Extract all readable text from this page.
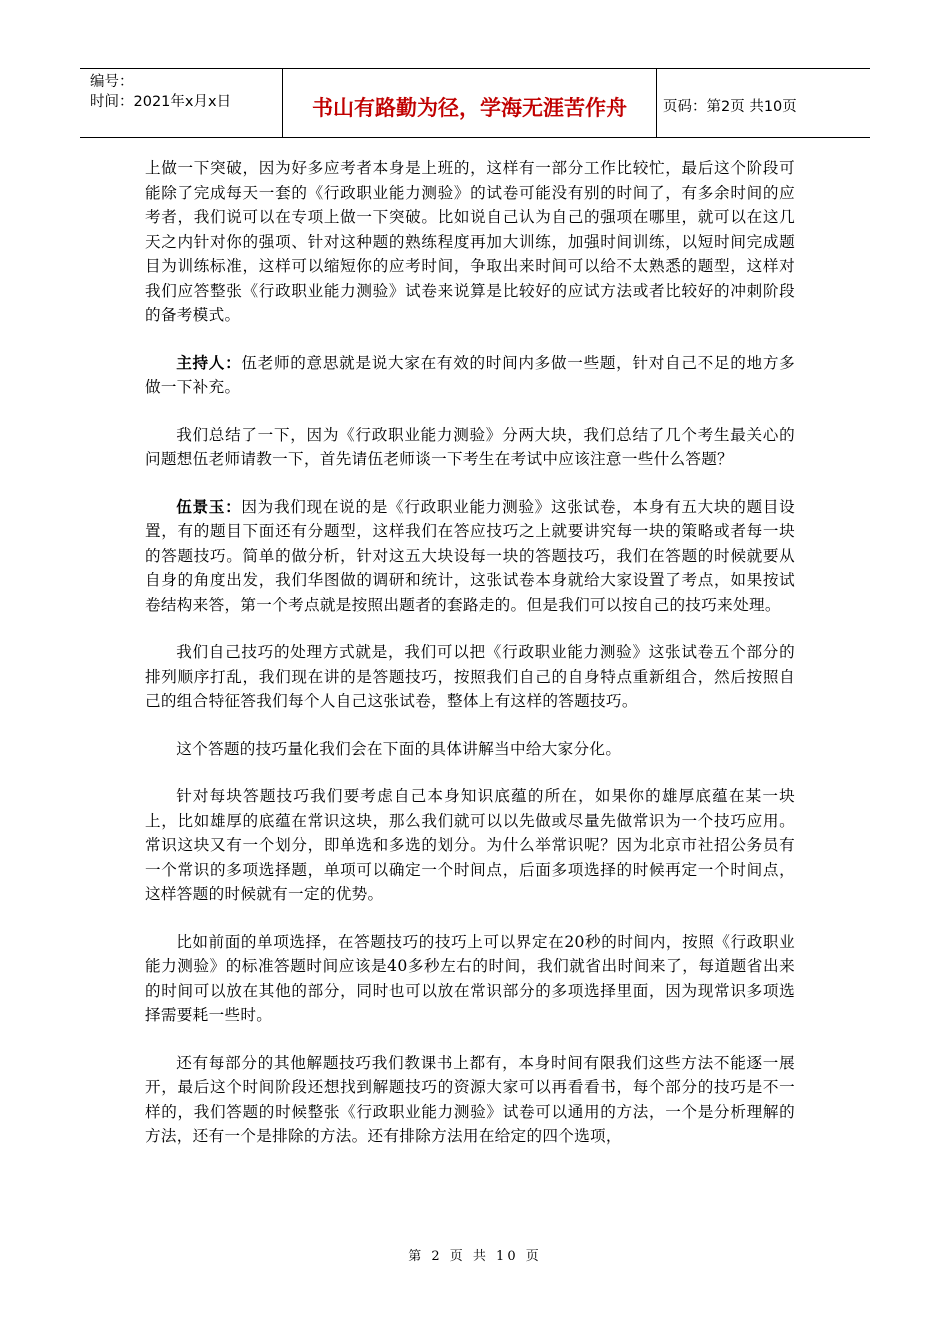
编号：
时间：2021年x月x日	书山有路勤为径，学海无涯苦作舟	页码：第2页 共10页

上做一下突破，因为好多应考者本身是上班的，这样有一部分工作比较忙，最后这个阶段可能除了完成每天一套的《行政职业能力测验》的试卷可能没有别的时间了，有多余时间的应考者，我们说可以在专项上做一下突破。比如说自己认为自己的强项在哪里，就可以在这几天之内针对你的强项、针对这种题的熟练程度再加大训练，加强时间训练，以短时间完成题目为训练标准，这样可以缩短你的应考时间，争取出来时间可以给不太熟悉的题型，这样对我们应答整张《行政职业能力测验》试卷来说算是比较好的应试方法或者比较好的冲刺阶段的备考模式。

主持人：伍老师的意思就是说大家在有效的时间内多做一些题，针对自己不足的地方多做一下补充。

我们总结了一下，因为《行政职业能力测验》分两大块，我们总结了几个考生最关心的问题想伍老师请教一下，首先请伍老师谈一下考生在考试中应该注意一些什么答题？

伍景玉：因为我们现在说的是《行政职业能力测验》这张试卷，本身有五大块的题目设置，有的题目下面还有分题型，这样我们在答应技巧之上就要讲究每一块的策略或者每一块的答题技巧。简单的做分析，针对这五大块设每一块的答题技巧，我们在答题的时候就要从自身的角度出发，我们华图做的调研和统计，这张试卷本身就给大家设置了考点，如果按试卷结构来答，第一个考点就是按照出题者的套路走的。但是我们可以按自己的技巧来处理。

我们自己技巧的处理方式就是，我们可以把《行政职业能力测验》这张试卷五个部分的排列顺序打乱，我们现在讲的是答题技巧，按照我们自己的自身特点重新组合，然后按照自己的组合特征答我们每个人自己这张试卷，整体上有这样的答题技巧。

这个答题的技巧量化我们会在下面的具体讲解当中给大家分化。

针对每块答题技巧我们要考虑自己本身知识底蕴的所在，如果你的雄厚底蕴在某一块上，比如雄厚的底蕴在常识这块，那么我们就可以以先做或尽量先做常识为一个技巧应用。常识这块又有一个划分，即单选和多选的划分。为什么举常识呢？因为北京市社招公务员有一个常识的多项选择题，单项可以确定一个时间点，后面多项选择的时候再定一个时间点，这样答题的时候就有一定的优势。

比如前面的单项选择，在答题技巧的技巧上可以界定在20秒的时间内，按照《行政职业能力测验》的标准答题时间应该是40多秒左右的时间，我们就省出时间来了，每道题省出来的时间可以放在其他的部分，同时也可以放在常识部分的多项选择里面，因为现常识多项选择需要耗一些时。

还有每部分的其他解题技巧我们教课书上都有，本身时间有限我们这些方法不能逐一展开，最后这个时间阶段还想找到解题技巧的资源大家可以再看看书，每个部分的技巧是不一样的，我们答题的时候整张《行政职业能力测验》试卷可以通用的方法，一个是分析理解的方法，还有一个是排除的方法。还有排除方法用在给定的四个选项，

第 2 页 共 10 页
